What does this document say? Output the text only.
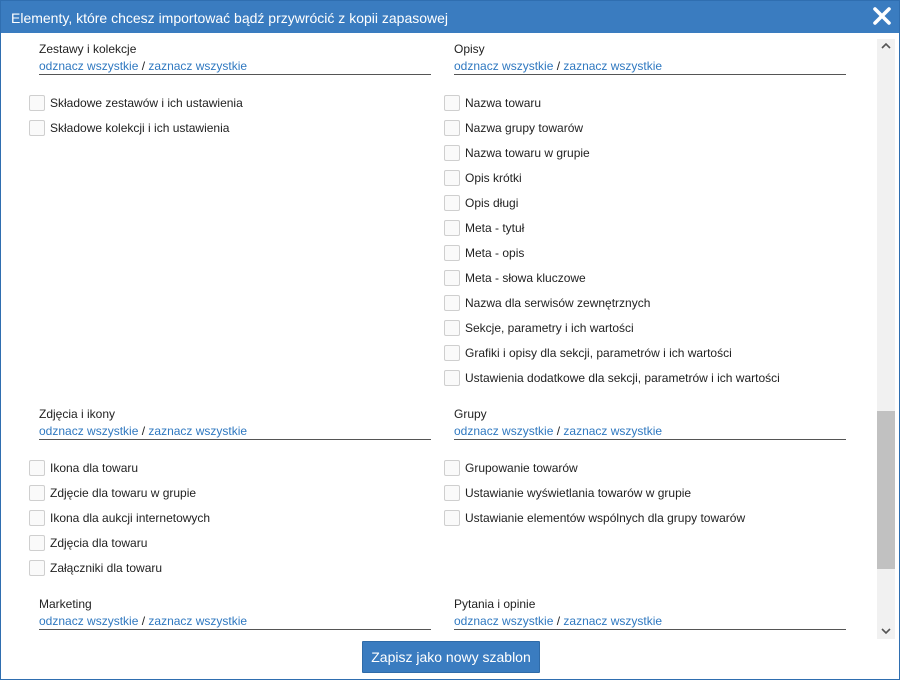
Elementy, które chcesz importować bądź przywrócić z kopii zapasowej
Zestawy i kolekcje
odznacz wszystkie / zaznacz wszystkie
Składowe zestawów i ich ustawienia
Składowe kolekcji i ich ustawienia
Opisy
odznacz wszystkie / zaznacz wszystkie
Nazwa towaru
Nazwa grupy towarów
Nazwa towaru w grupie
Opis krótki
Opis długi
Meta - tytuł
Meta - opis
Meta - słowa kluczowe
Nazwa dla serwisów zewnętrznych
Sekcje, parametry i ich wartości
Grafiki i opisy dla sekcji, parametrów i ich wartości
Ustawienia dodatkowe dla sekcji, parametrów i ich wartości
Zdjęcia i ikony
odznacz wszystkie / zaznacz wszystkie
Ikona dla towaru
Zdjęcie dla towaru w grupie
Ikona dla aukcji internetowych
Zdjęcia dla towaru
Załączniki dla towaru
Grupy
odznacz wszystkie / zaznacz wszystkie
Grupowanie towarów
Ustawianie wyświetlania towarów w grupie
Ustawianie elementów wspólnych dla grupy towarów
Marketing
odznacz wszystkie / zaznacz wszystkie
Pytania i opinie
odznacz wszystkie / zaznacz wszystkie
Zapisz jako nowy szablon
